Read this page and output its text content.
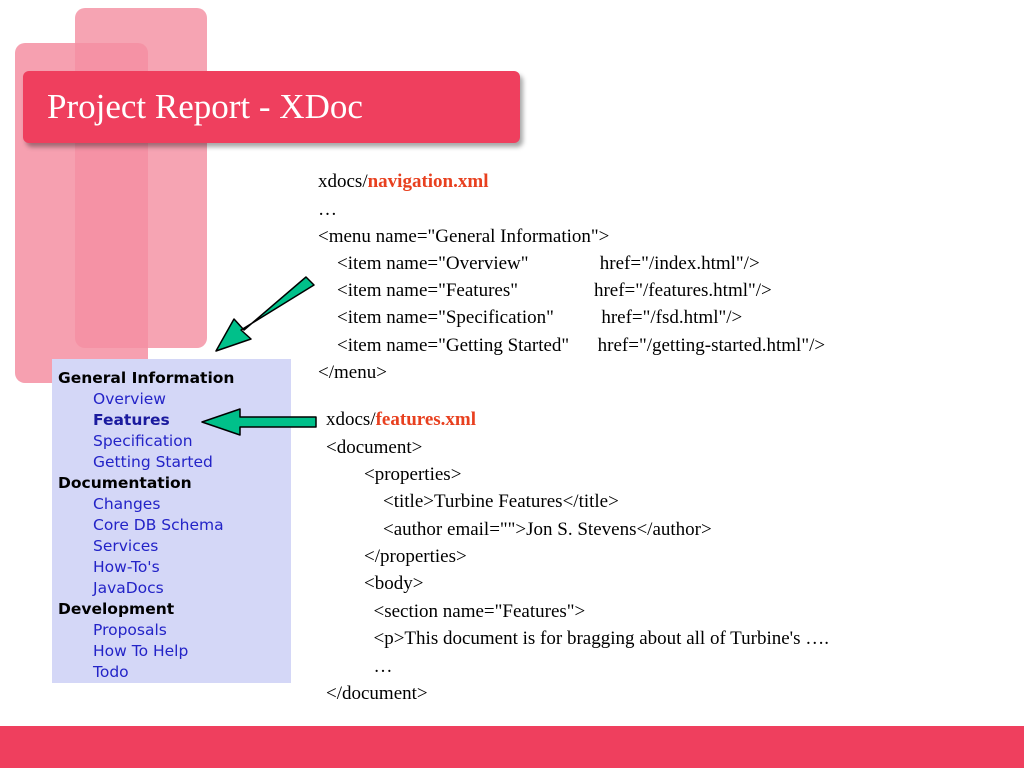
Project Report - XDoc
General Information
Overview
Features
Specification
Getting Started
Documentation
Changes
Core DB Schema
Services
How-To's
JavaDocs
Development
Proposals
How To Help
Todo
xdocs/navigation.xml
…
<menu name="General Information">
<item name="Overview"               href="/index.html"/>
<item name="Features"                href="/features.html"/>
<item name="Specification"          href="/fsd.html"/>
<item name="Getting Started"      href="/getting-started.html"/>
</menu>
xdocs/features.xml
<document>
<properties>
<title>Turbine Features</title>
<author email="">Jon S. Stevens</author>
</properties>
<body>
<section name="Features">
<p>This document is for bragging about all of Turbine's ….
…
</document>
